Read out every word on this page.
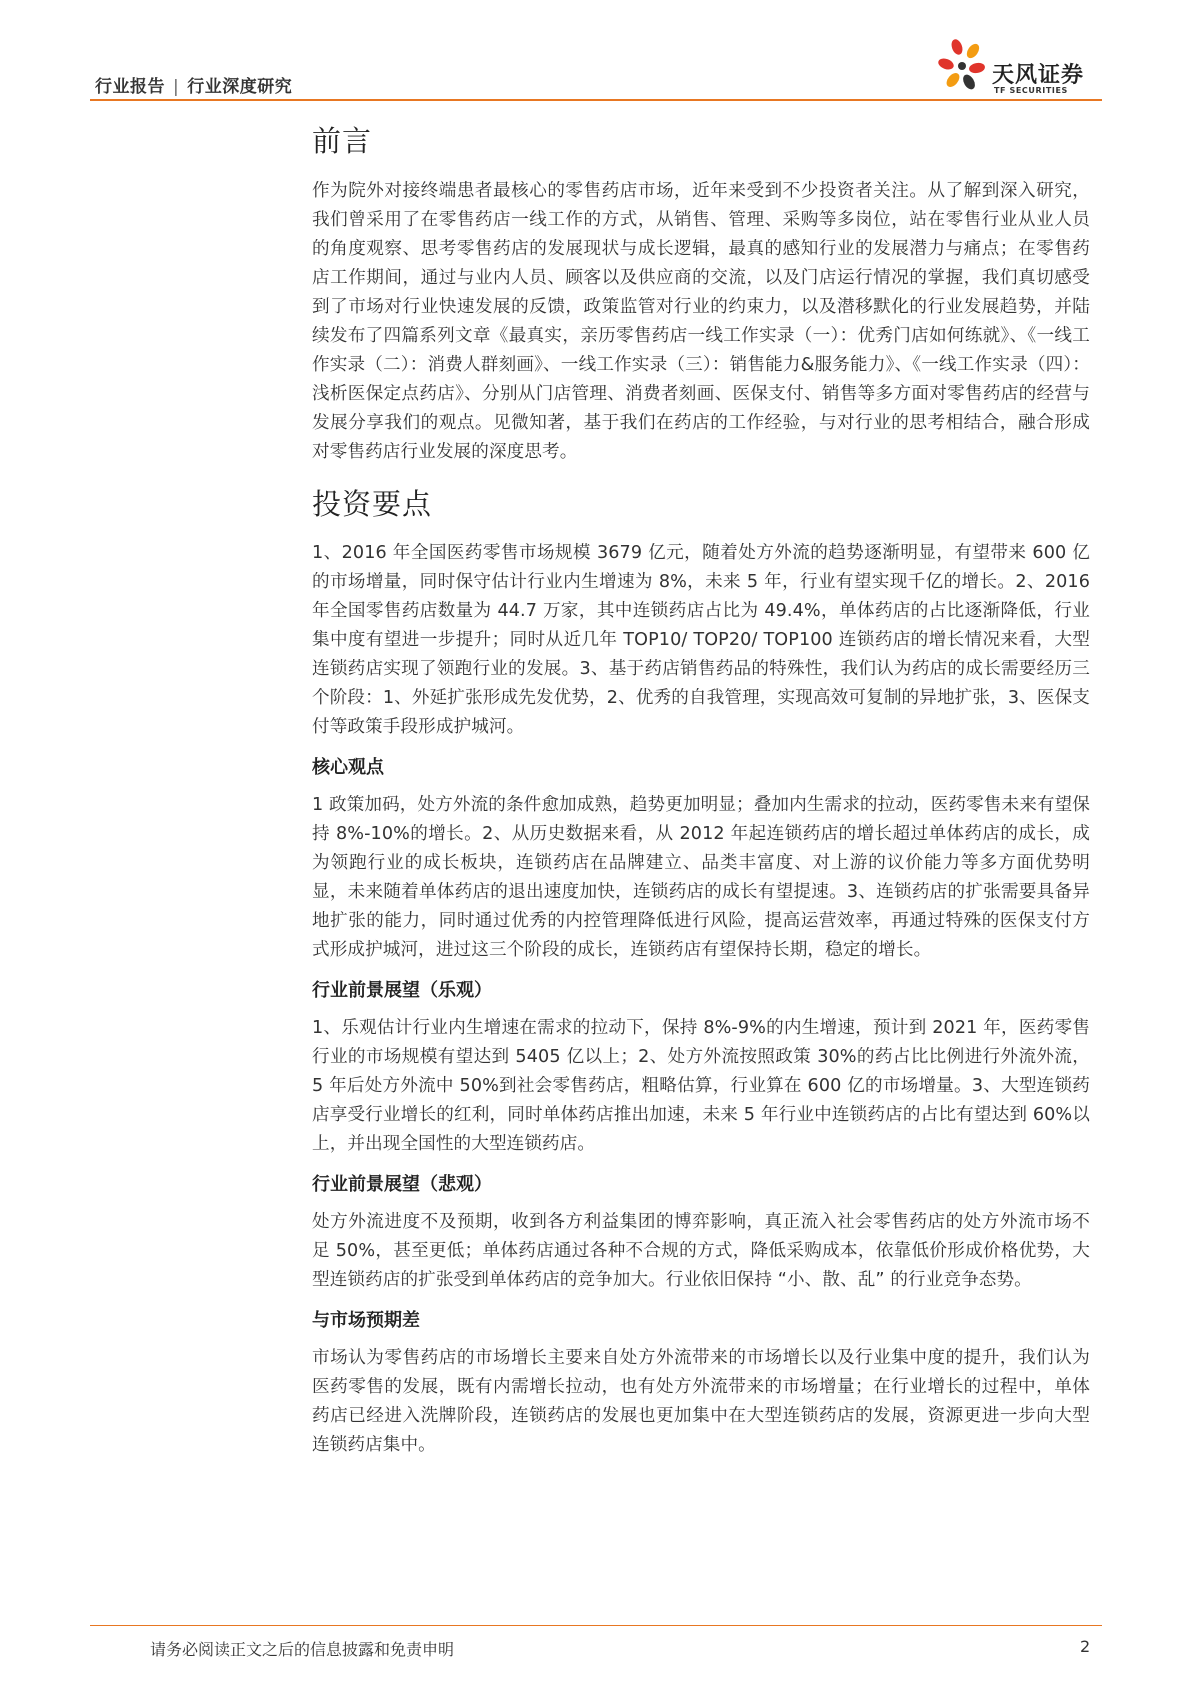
行业报告 | 行业深度研究	天风证券
TF SECURITIES
前言

作为院外对接终端患者最核心的零售药店市场，近年来受到不少投资者关注。从了解到深入研究，我们曾采用了在零售药店一线工作的方式，从销售、管理、采购等多岗位，站在零售行业从业人员的角度观察、思考零售药店的发展现状与成长逻辑，最真的感知行业的发展潜力与痛点；在零售药店工作期间，通过与业内人员、顾客以及供应商的交流，以及门店运行情况的掌握，我们真切感受到了市场对行业快速发展的反馈，政策监管对行业的约束力，以及潜移默化的行业发展趋势，并陆续发布了四篇系列文章《最真实，亲历零售药店一线工作实录（一）：优秀门店如何练就》、《一线工作实录（二）：消费人群刻画》、一线工作实录（三）：销售能力&服务能力》、《一线工作实录（四）：浅析医保定点药店》、分别从门店管理、消费者刻画、医保支付、销售等多方面对零售药店的经营与发展分享我们的观点。见微知著，基于我们在药店的工作经验，与对行业的思考相结合，融合形成对零售药店行业发展的深度思考。

投资要点

1、2016 年全国医药零售市场规模 3679 亿元，随着处方外流的趋势逐渐明显，有望带来 600 亿的市场增量，同时保守估计行业内生增速为 8%，未来 5 年，行业有望实现千亿的增长。2、2016 年全国零售药店数量为 44.7 万家，其中连锁药店占比为 49.4%，单体药店的占比逐渐降低，行业集中度有望进一步提升；同时从近几年 TOP10/ TOP20/ TOP100 连锁药店的增长情况来看，大型连锁药店实现了领跑行业的发展。3、基于药店销售药品的特殊性，我们认为药店的成长需要经历三个阶段：1、外延扩张形成先发优势，2、优秀的自我管理，实现高效可复制的异地扩张，3、医保支付等政策手段形成护城河。

核心观点

1 政策加码，处方外流的条件愈加成熟，趋势更加明显；叠加内生需求的拉动，医药零售未来有望保持 8%-10%的增长。2、从历史数据来看，从 2012 年起连锁药店的增长超过单体药店的成长，成为领跑行业的成长板块，连锁药店在品牌建立、品类丰富度、对上游的议价能力等多方面优势明显，未来随着单体药店的退出速度加快，连锁药店的成长有望提速。3、连锁药店的扩张需要具备异地扩张的能力，同时通过优秀的内控管理降低进行风险，提高运营效率，再通过特殊的医保支付方式形成护城河，进过这三个阶段的成长，连锁药店有望保持长期，稳定的增长。

行业前景展望（乐观）

1、乐观估计行业内生增速在需求的拉动下，保持 8%-9%的内生增速，预计到 2021 年，医药零售行业的市场规模有望达到 5405 亿以上；2、处方外流按照政策 30%的药占比比例进行外流外流，5 年后处方外流中 50%到社会零售药店，粗略估算，行业算在 600 亿的市场增量。3、大型连锁药店享受行业增长的红利，同时单体药店推出加速，未来 5 年行业中连锁药店的占比有望达到 60%以上，并出现全国性的大型连锁药店。

行业前景展望（悲观）

处方外流进度不及预期，收到各方利益集团的博弈影响，真正流入社会零售药店的处方外流市场不足 50%，甚至更低；单体药店通过各种不合规的方式，降低采购成本，依靠低价形成价格优势，大型连锁药店的扩张受到单体药店的竞争加大。行业依旧保持 “小、散、乱” 的行业竞争态势。

与市场预期差

市场认为零售药店的市场增长主要来自处方外流带来的市场增长以及行业集中度的提升，我们认为医药零售的发展，既有内需增长拉动，也有处方外流带来的市场增量；在行业增长的过程中，单体药店已经进入洗牌阶段，连锁药店的发展也更加集中在大型连锁药店的发展，资源更进一步向大型连锁药店集中。

请务必阅读正文之后的信息披露和免责申明	2
